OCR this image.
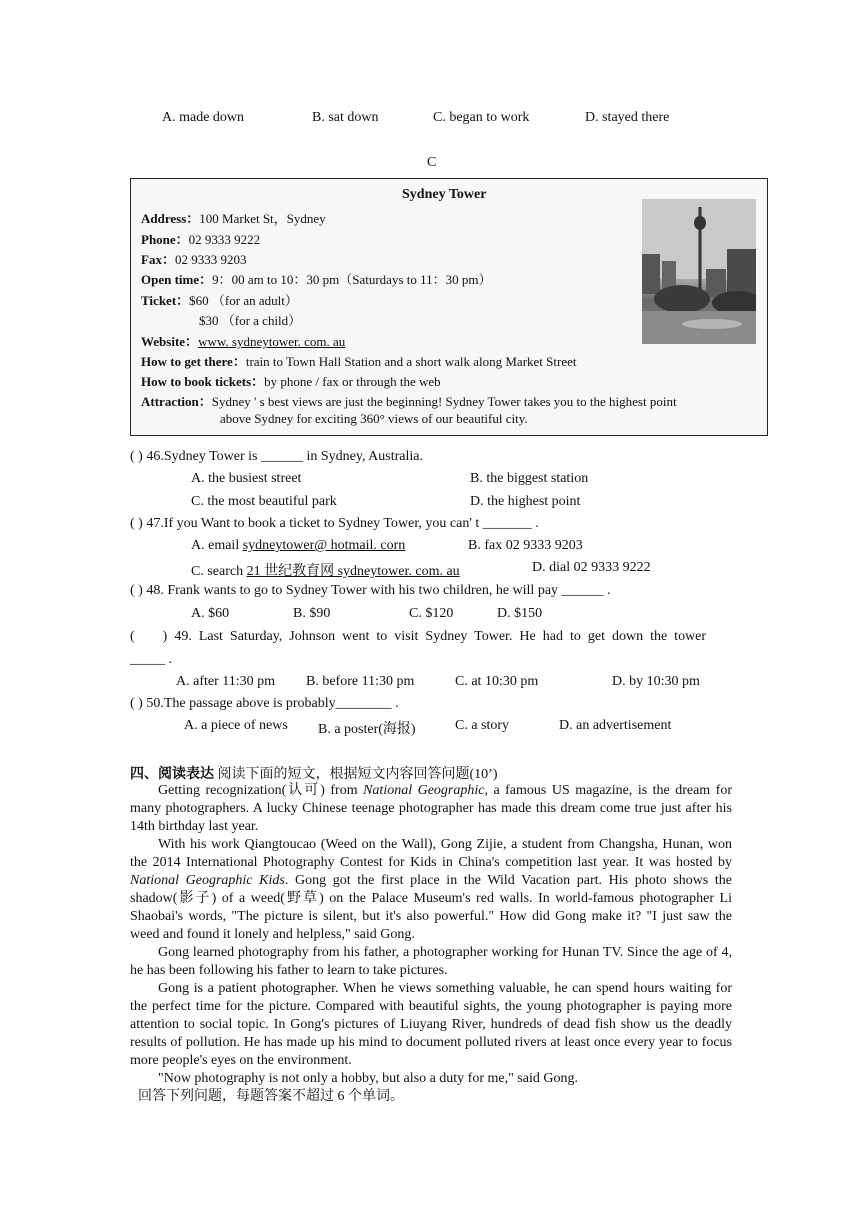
A. made down	B. sat down	C. began to work	D. stayed there
C
Sydney Tower
Address：100 Market St，Sydney
Phone：02 9333 9222
Fax：02 9333 9203
Open time：9：00 am to 10：30 pm（Saturdays to 11：30 pm）
Ticket：$60 （for an adult）
$30 （for a child）
Website：www. sydneytower. com. au
How to get there：train to Town Hall Station and a short walk along Market Street
How to book tickets：by phone / fax or through the web
Attraction：Sydney ' s best views are just the beginning! Sydney Tower takes you to the highest point
above Sydney for exciting 360° views of our beautiful city.
( ) 46.Sydney Tower is ______ in Sydney, Australia.
A. the busiest street	B. the biggest station
C. the most beautiful park	D. the highest point
( ) 47.If you Want to book a ticket to Sydney Tower, you can' t _______ .
A. email sydneytower@ hotmail. corn	B. fax 02 9333 9203
C. search 21 世纪教育网 sydneytower. com. au	D. dial 02 9333 9222
( ) 48. Frank wants to go to Sydney Tower with his two children, he will pay ______ .
A. $60	B. $90	C. $120	D. $150
(        )  49.  Last  Saturday,  Johnson  went  to  visit  Sydney  Tower.  He  had  to  get  down  the  tower
_____ .
A. after 11:30 pm B. before 11:30 pm	C. at 10:30 pm	D. by 10:30 pm
( ) 50.The passage above is probably________ .
A. a piece of news B. a poster(海报)	C. a story	D. an advertisement
四、阅读表达 阅读下面的短文，根据短文内容回答问题(10’)

Getting recognization(认可) from National Geographic, a famous US magazine, is the dream for many photographers. A lucky Chinese teenage photographer has made this dream come true just after his 14th birthday last year.

With his work Qiangtoucao (Weed on the Wall), Gong Zijie, a student from Changsha, Hunan, won the 2014 International Photography Contest for Kids in China's competition last year. It was hosted by National Geographic Kids. Gong got the first place in the Wild Vacation part. His photo shows the shadow(影子) of a weed(野草) on the Palace Museum's red walls. In world-famous photographer Li Shaobai's words, "The picture is silent, but it's also powerful." How did Gong make it? "I just saw the weed and found it lonely and helpless," said Gong.

Gong learned photography from his father, a photographer working for Hunan TV. Since the age of 4, he has been following his father to learn to take pictures.

Gong is a patient photographer. When he views something valuable, he can spend hours waiting for the perfect time for the picture. Compared with beautiful sights, the young photographer is paying more attention to social topic. In Gong's pictures of Liuyang River, hundreds of dead fish show us the deadly results of pollution. He has made up his mind to document polluted rivers at least once every year to focus more people's eyes on the environment.

"Now photography is not only a hobby, but also a duty for me," said Gong.

回答下列问题，每题答案不超过 6 个单词。
